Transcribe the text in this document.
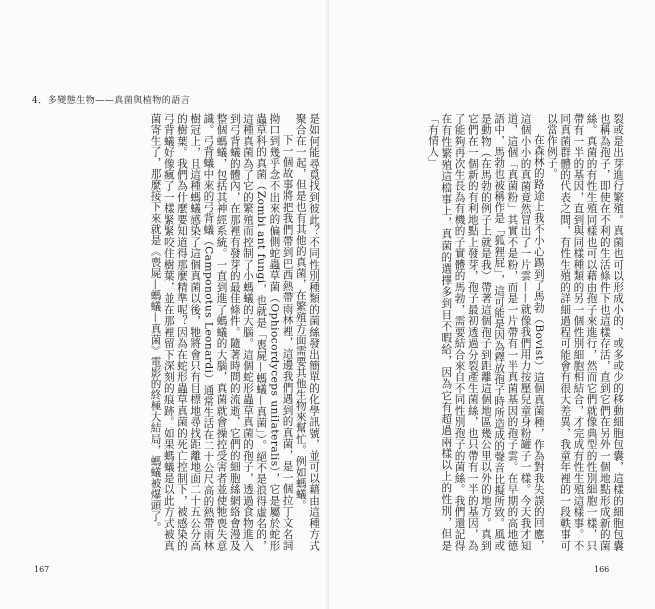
4．多變態生物——真菌與植物的語言

裂或是出芽進行繁殖。真菌也可以形成小的、或多或少的移動細胞包囊，這樣的細胞包囊也稱為孢子，即使在不利的生活條件下也這樣存活，直到它們在另外一個地點形成新的菌絲。真菌的有性生殖同樣也可以藉由孢子來進行，然而它們就像典型的性別細胞一樣，只帶有一半的基因，直到與同樣種類的另一個性別細胞相結合，才完成有性生殖這樣事。不同真菌群體的代表之間，有性生殖的詳細過程可能會有很大差異，我童年裡的一段軼事可以當作例子。

在森林的路途上我不小心踢到了馬勃（Bovist）這個真菌種，作為對我失誤的回應，這個小小的真菌竟然冒出了一片雲——就像我們用力按壓兒童身粉罐子一樣。今天我才知道，這個「真菌粉」其實不是粉，而是一片帶有一半真菌基因的孢子雲。在早期的高地德語中，馬勃也被稱作是「狐狸屁」，這可能是因為釋放孢子時所造成的聲音比擬所致。風或是動物（在馬勃的例子上就是我）帶著這個孢子到距離這個地區幾公里以外的地方。真到它們在一個新的有利地點上發芽，孢子最初透過分裂產生菌絲，也只帶有一半的基因，為了能夠再次生長為有機的子實體的馬勃，需要結合來自不同性別孢子的菌絲。我們還記得在有性繁殖這檔事上，真菌的選擇多到目不暇給，因為它有超過兩樣以上的性別，但是「有情人」

是如何能尋覓找到彼此？不同性別種類的菌絲發出簡單的化學訊號，並可以藉由這種方式聚合在一起，但是也有其他的真菌，在繁殖方面需要其他生物來幫忙。例如螞蟻。

下一個故事將把我們帶到巴西熱帶雨林裡，這邊我們遇到的真菌，是一個拉丁文名詞拗口到幾乎念不出來的偏側蛇蟲草菌（Ophiocordyceps unilateralis），它是屬於蛇形蟲草科的真菌（Zombi ant fungi，也就是「喪屍—螞蟻—真菌」）。絕不是浪得虛名的，這種真菌為了它的繁殖而控制了小螞蟻的大腦。這個蛇形蟲草真菌的孢子，透過食物進入到弓背蟻的體內，在那裡有發芽的最佳條件。隨著時間的流逝，它們的細胞絲網絡會漫及整個螞蟻，包括其神經系統。一直到進了螞蟻的大腦，真菌就會操控受害者並使牠喪失意識。弓背蟻中來的弓背蟻（Camponotus Leonardi）通常生活在二十公尺高的熱帶雨林樹冠上，且這種螞蟻感染了這個真菌以後，牠將會只有目標地尋找距離地面二十五公分高的樹葉。我們為什麼要知道得那麼精準呢？因為在蛇形蟲草真菌的死亡控制下，被感染的弓背蟻好像瘋了一樣緊緊咬住樹葉，並在那裡留下深刻的痕跡。如果螞蟻是以此方式被真菌寄生了，那麼接下來就是《喪屍—螞蟻—真菌》電影的終極大結局，螞蟻被爆頭了。

167	166
